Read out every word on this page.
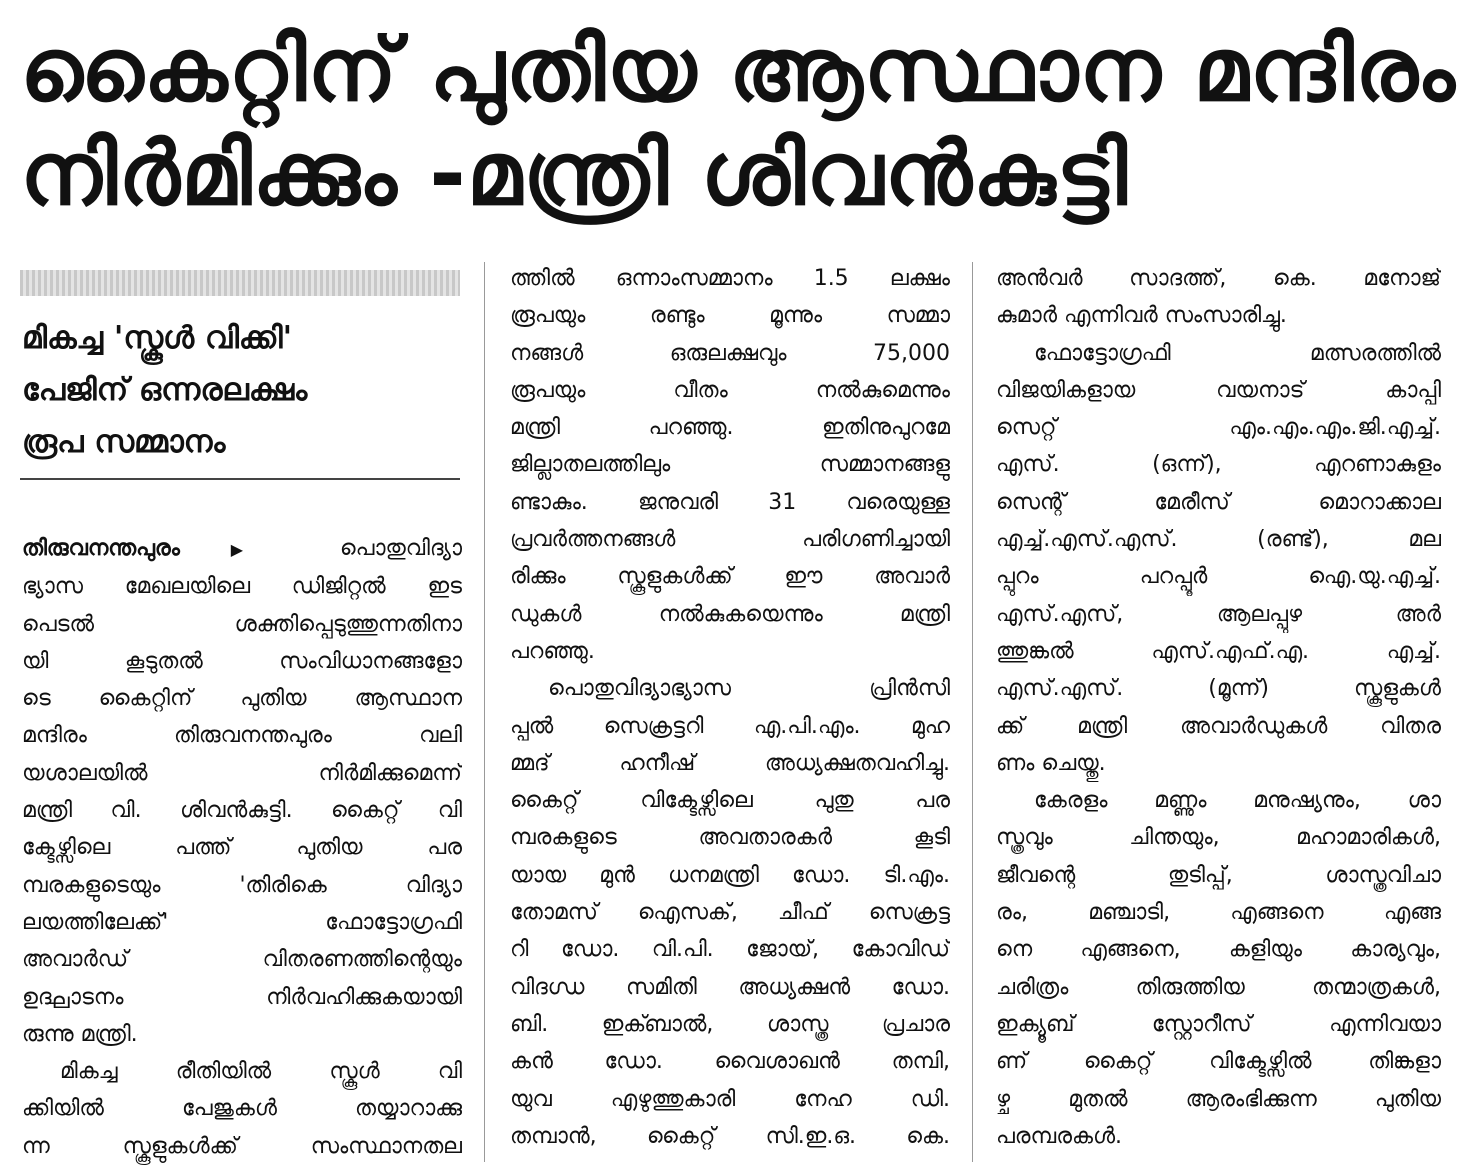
കൈറ്റിന് പുതിയ ആസ്ഥാന മന്ദിരം
നിർമിക്കും -മന്ത്രി ശിവൻകുട്ടി
മികച്ച 'സ്കൂൾ വിക്കി'
പേജിന് ഒന്നരലക്ഷം
രൂപ സമ്മാനം
തിരുവനന്തപുരം ▶ പൊതുവിദ്യാ
ഭ്യാസ മേഖലയിലെ ഡിജിറ്റൽ ഇട
പെടൽ ശക്തിപ്പെടുത്തുന്നതിനാ
യി കൂടുതൽ സംവിധാനങ്ങളോ
ടെ കൈറ്റിന് പുതിയ ആസ്ഥാന
മന്ദിരം തിരുവനന്തപുരം വലി
യശാലയിൽ നിർമിക്കുമെന്ന്
മന്ത്രി വി. ശിവൻകുട്ടി. കൈറ്റ് വി
ക്ടേഴ്സിലെ പത്ത് പുതിയ പര
മ്പരകളുടെയും 'തിരികെ വിദ്യാ
ലയത്തിലേക്ക്' ഫോട്ടോഗ്രഫി
അവാർഡ് വിതരണത്തിന്റെയും
ഉദ്ഘാടനം നിർവഹിക്കുകയായി
രുന്നു മന്ത്രി.
മികച്ച രീതിയിൽ സ്കൂൾ വി
ക്കിയിൽ പേജുകൾ തയ്യാറാക്കു
ന്ന സ്കൂളുകൾക്ക് സംസ്ഥാനതല
ത്തിൽ ഒന്നാംസമ്മാനം 1.5 ലക്ഷം
രൂപയും രണ്ടും മൂന്നും സമ്മാ
നങ്ങൾ ഒരുലക്ഷവും 75,000
രൂപയും വീതം നൽകുമെന്നും
മന്ത്രി പറഞ്ഞു. ഇതിനുപുറമേ
ജില്ലാതലത്തിലും സമ്മാനങ്ങളു
ണ്ടാകും. ജനുവരി 31 വരെയുള്ള
പ്രവർത്തനങ്ങൾ പരിഗണിച്ചായി
രിക്കും സ്കൂളുകൾക്ക് ഈ അവാർ
ഡുകൾ നൽകുകയെന്നും മന്ത്രി
പറഞ്ഞു.
പൊതുവിദ്യാഭ്യാസ പ്രിൻസി
പ്പൽ സെക്രട്ടറി എ.പി.എം. മുഹ
മ്മദ് ഹനീഷ് അധ്യക്ഷതവഹിച്ചു.
കൈറ്റ് വിക്ടേഴ്സിലെ പുതു പര
മ്പരകളുടെ അവതാരകർ കൂടി
യായ മുൻ ധനമന്ത്രി ഡോ. ടി.എം.
തോമസ് ഐസക്, ചീഫ് സെക്രട്ട
റി ഡോ. വി.പി. ജോയ്, കോവിഡ്
വിദഗ്ധ സമിതി അധ്യക്ഷൻ ഡോ.
ബി. ഇക്ബാൽ, ശാസ്ത്ര പ്രചാര
കൻ ഡോ. വൈശാഖൻ തമ്പി,
യുവ എഴുത്തുകാരി നേഹ ഡി.
തമ്പാൻ, കൈറ്റ് സി.ഇ.ഒ. കെ.
അൻവർ സാദത്ത്, കെ. മനോജ്
കുമാർ എന്നിവർ സംസാരിച്ചു.
ഫോട്ടോഗ്രഫി മത്സരത്തിൽ
വിജയികളായ വയനാട് കാപ്പി
സെറ്റ് എം.എം.എം.ജി.എച്ച്.
എസ്. (ഒന്ന്), എറണാകുളം
സെന്റ് മേരീസ് മൊറാക്കാല
എച്ച്.എസ്.എസ്. (രണ്ട്), മല
പ്പുറം പറപ്പൂർ ഐ.യു.എച്ച്.
എസ്.എസ്, ആലപ്പുഴ അർ
ത്തുങ്കൽ എസ്.എഫ്.എ. എച്ച്.
എസ്.എസ്. (മൂന്ന്) സ്കൂളുകൾ
ക്ക് മന്ത്രി അവാർഡുകൾ വിതര
ണം ചെയ്തു.
കേരളം മണ്ണും മനുഷ്യനും, ശാ
സ്ത്രവും ചിന്തയും, മഹാമാരികൾ,
ജീവന്റെ തുടിപ്പ്, ശാസ്ത്രവിചാ
രം, മഞ്ചാടി, എങ്ങനെ എങ്ങ
നെ എങ്ങനെ, കളിയും കാര്യവും,
ചരിത്രം തിരുത്തിയ തന്മാത്രകൾ,
ഇക്യൂബ് സ്റ്റോറീസ് എന്നിവയാ
ണ് കൈറ്റ് വിക്ടേഴ്സിൽ തിങ്കളാ
ഴ്ച മുതൽ ആരംഭിക്കുന്ന പുതിയ
പരമ്പരകൾ.
